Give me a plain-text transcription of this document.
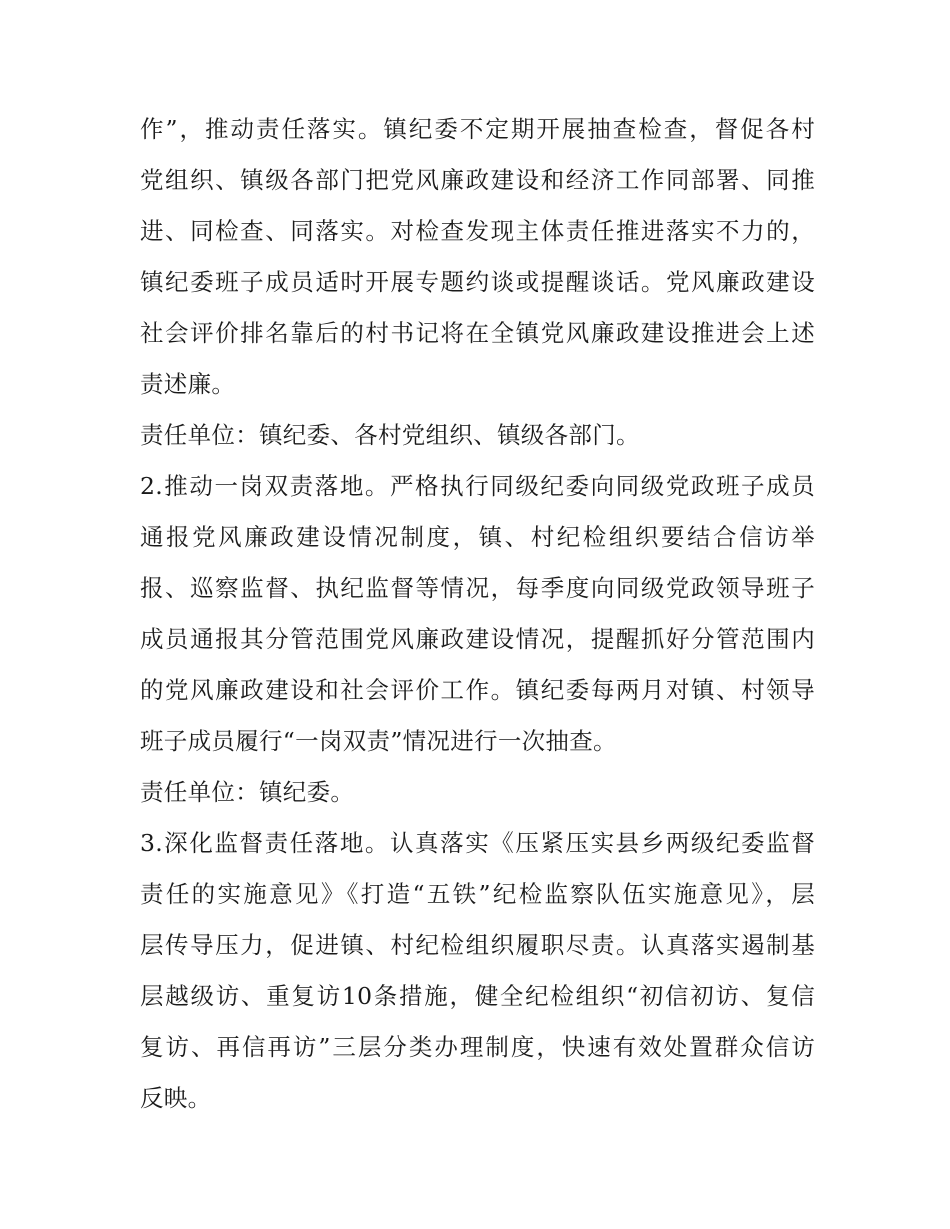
作”，推动责任落实。镇纪委不定期开展抽查检查，督促各村
党组织、镇级各部门把党风廉政建设和经济工作同部署、同推
进、同检查、同落实。对检查发现主体责任推进落实不力的，
镇纪委班子成员适时开展专题约谈或提醒谈话。党风廉政建设
社会评价排名靠后的村书记将在全镇党风廉政建设推进会上述
责述廉。

责任单位：镇纪委、各村党组织、镇级各部门。

2.推动一岗双责落地。严格执行同级纪委向同级党政班子成员
通报党风廉政建设情况制度，镇、村纪检组织要结合信访举
报、巡察监督、执纪监督等情况，每季度向同级党政领导班子
成员通报其分管范围党风廉政建设情况，提醒抓好分管范围内
的党风廉政建设和社会评价工作。镇纪委每两月对镇、村领导
班子成员履行“一岗双责”情况进行一次抽查。

责任单位：镇纪委。

3.深化监督责任落地。认真落实《压紧压实县乡两级纪委监督
责任的实施意见》《打造“五铁”纪检监察队伍实施意见》，层
层传导压力，促进镇、村纪检组织履职尽责。认真落实遏制基
层越级访、重复访10条措施，健全纪检组织“初信初访、复信
复访、再信再访”三层分类办理制度，快速有效处置群众信访
反映。
